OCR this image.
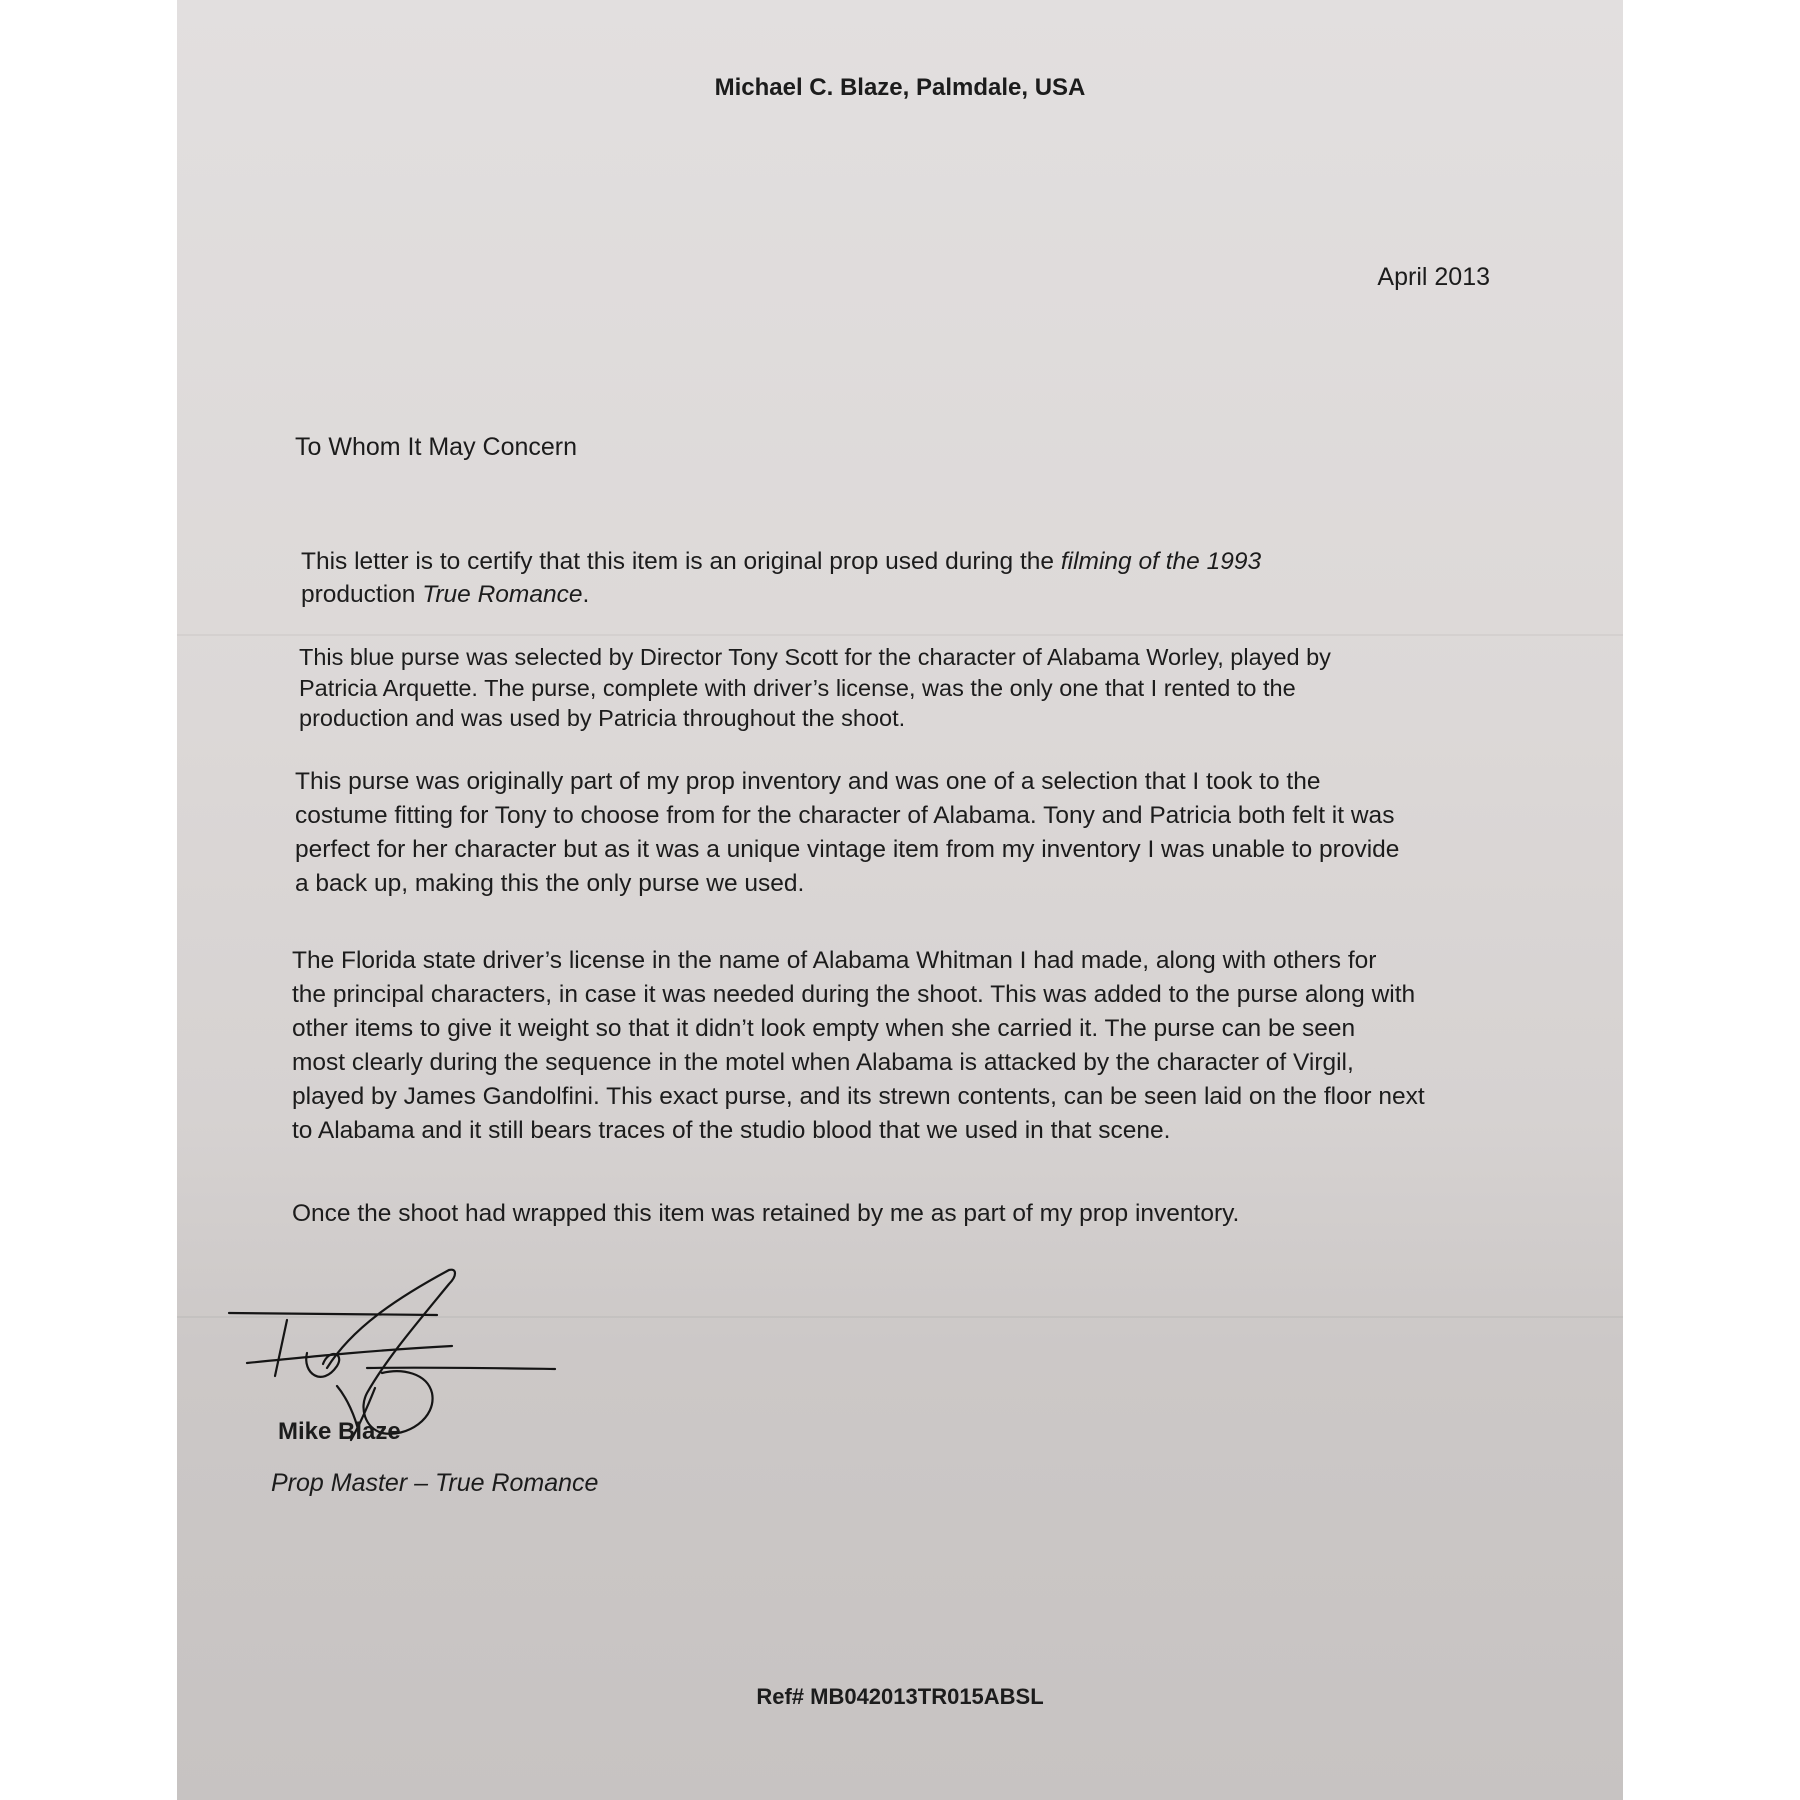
Michael C. Blaze, Palmdale, USA
April 2013
To Whom It May Concern
This letter is to certify that this item is an original prop used during the filming of the 1993
production True Romance.
This blue purse was selected by Director Tony Scott for the character of Alabama Worley, played by
Patricia Arquette. The purse, complete with driver’s license, was the only one that I rented to the
production and was used by Patricia throughout the shoot.
This purse was originally part of my prop inventory and was one of a selection that I took to the
costume fitting for Tony to choose from for the character of Alabama. Tony and Patricia both felt it was
perfect for her character but as it was a unique vintage item from my inventory I was unable to provide
a back up, making this the only purse we used.
The Florida state driver’s license in the name of Alabama Whitman I had made, along with others for
the principal characters, in case it was needed during the shoot. This was added to the purse along with
other items to give it weight so that it didn’t look empty when she carried it. The purse can be seen
most clearly during the sequence in the motel when Alabama is attacked by the character of Virgil,
played by James Gandolfini. This exact purse, and its strewn contents, can be seen laid on the floor next
to Alabama and it still bears traces of the studio blood that we used in that scene.
Once the shoot had wrapped this item was retained by me as part of my prop inventory.
Mike Blaze
Prop Master – True Romance
Ref# MB042013TR015ABSL
